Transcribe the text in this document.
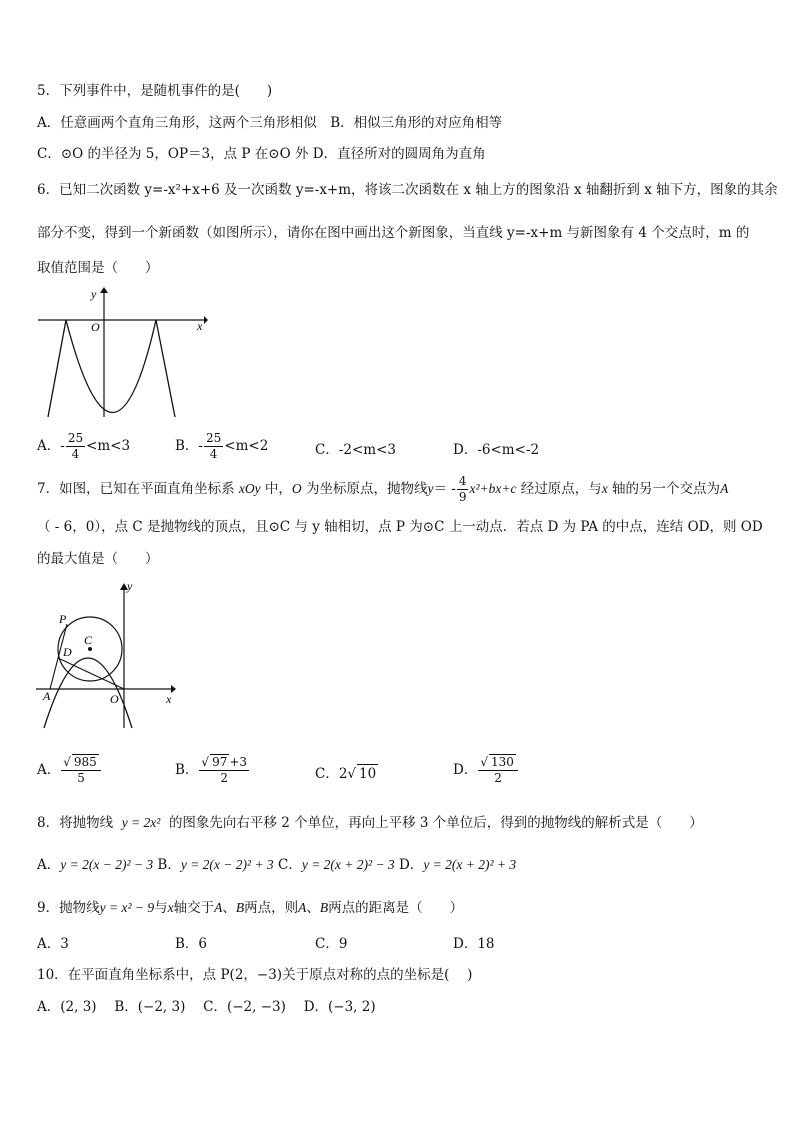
5．下列事件中，是随机事件的是(　　)
A．任意画两个直角三角形，这两个三角形相似　B．相似三角形的对应角相等
C．⊙O 的半径为 5，OP＝3，点 P 在⊙O 外 D．直径所对的圆周角为直角
6．已知二次函数 y=-x²+x+6 及一次函数 y=-x+m，将该二次函数在 x 轴上方的图象沿 x 轴翻折到 x 轴下方，图象的其余
部分不变，得到一个新函数（如图所示），请你在图中画出这个新图象，当直线 y=-x+m 与新图象有 4 个交点时，m 的
取值范围是（　　）
y
x
O
A．- $\frac{25}{4} <m<3$	B．- $\frac{25}{4} <m<2$	C．-2<m<3	D．-6<m<-2
7．如图，已知在平面直角坐标系 xOy 中，O 为坐标原点，抛物线$y= - \frac{4}{9} x^2+bx+c$ 经过原点，与x 轴的另一个交点为A
（ - 6，0），点 C 是抛物线的顶点，且⊙C 与 y 轴相切，点 P 为⊙C 上一动点．若点 D 为 PA 的中点，连结 OD，则 OD
的最大值是（　　）
y
x
O
P
C
D
A
A． $\frac{√ 985}{5}$	B． $\frac{√ 97 +3}{2}$	C．2√ 10	D． $\frac{√ 130}{2}$
8．将抛物线 y = 2x² 的图象先向右平移 2 个单位，再向上平移 3 个单位后，得到的抛物线的解析式是（　　）
A．y = 2(x − 2)² − 3 B．y = 2(x − 2)² + 3 C．y = 2(x + 2)² − 3 D．y = 2(x + 2)² + 3
9．抛物线y = x² − 9与x轴交于A、B两点，则A、B两点的距离是（　　）
A．3	B．6	C．9	D．18
10．在平面直角坐标系中，点 P(2，−3)关于原点对称的点的坐标是(　 )
A．(2, 3)　 B．(−2, 3)　 C．(−2, −3)　 D．(−3, 2)
